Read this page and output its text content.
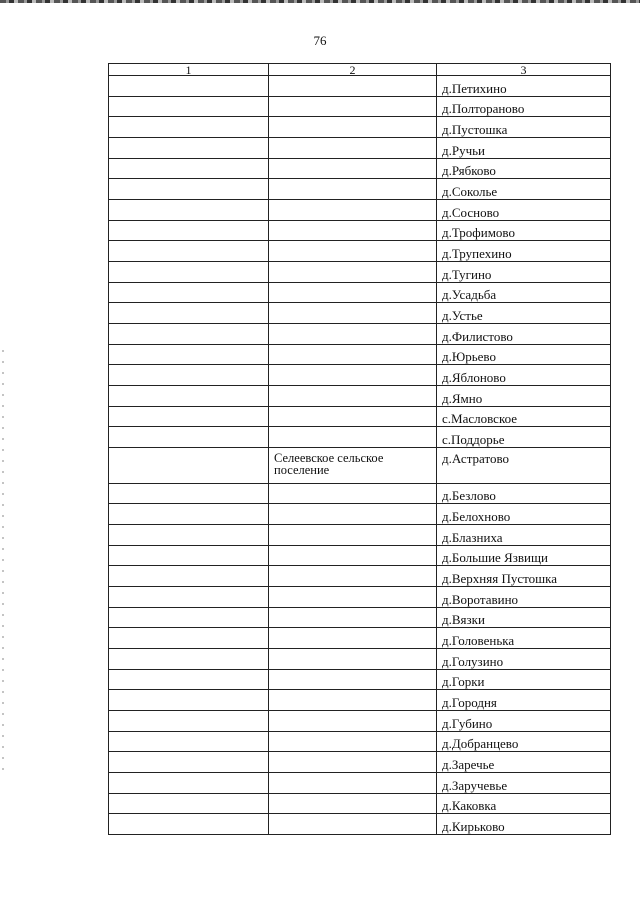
76
1	2	3
		д.Петихино
		д.Полтораново
		д.Пустошка
		д.Ручьи
		д.Рябково
		д.Соколье
		д.Сосново
		д.Трофимово
		д.Трупехино
		д.Тугино
		д.Усадьба
		д.Устье
		д.Филистово
		д.Юрьево
		д.Яблоново
		д.Ямно
		с.Масловское
		с.Поддорье
	Селеевское сельское поселение	д.Астратово
		д.Безлово
		д.Белохново
		д.Блазниха
		д.Большие Язвищи
		д.Верхняя Пустошка
		д.Воротавино
		д.Вязки
		д.Головенька
		д.Голузино
		д.Горки
		д.Городня
		д.Губино
		д.Добранцево
		д.Заречье
		д.Заручевье
		д.Каковка
		д.Кирьково
